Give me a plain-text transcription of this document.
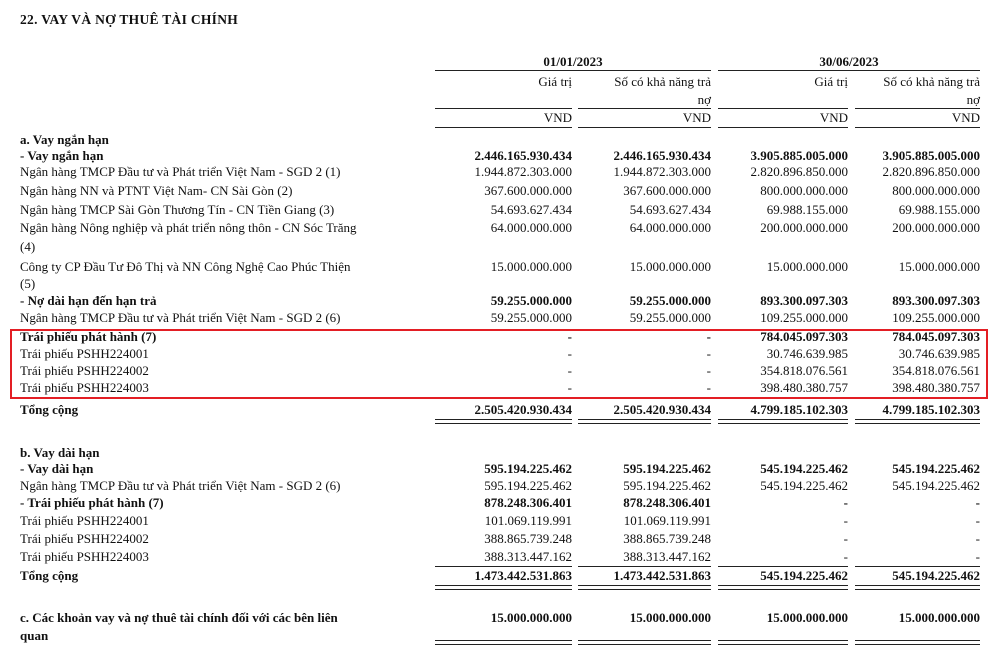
22. VAY VÀ NỢ THUÊ TÀI CHÍNH
01/01/2023	30/06/2023
Giá trị	Số có khả năng trả
nợ
Giá trị	Số có khả năng trả
nợ
VND	VND	VND	VND
a. Vay ngắn hạn
- Vay ngắn hạn	2.446.165.930.434	2.446.165.930.434	3.905.885.005.000	3.905.885.005.000
Ngân hàng TMCP Đầu tư và Phát triển Việt Nam - SGD 2 (1)	1.944.872.303.000	1.944.872.303.000	2.820.896.850.000	2.820.896.850.000
Ngân hàng NN và PTNT Việt Nam- CN Sài Gòn (2)	367.600.000.000	367.600.000.000	800.000.000.000	800.000.000.000
Ngân hàng TMCP Sài Gòn Thương Tín - CN Tiền Giang (3)	54.693.627.434	54.693.627.434	69.988.155.000	69.988.155.000
Ngân hàng Nông nghiệp và phát triển nông thôn - CN Sóc Trăng	64.000.000.000	64.000.000.000	200.000.000.000	200.000.000.000
(4)
Công ty CP Đầu Tư Đô Thị và NN Công Nghệ Cao Phúc Thiện	15.000.000.000	15.000.000.000	15.000.000.000	15.000.000.000
(5)
- Nợ dài hạn đến hạn trả	59.255.000.000	59.255.000.000	893.300.097.303	893.300.097.303
Ngân hàng TMCP Đầu tư và Phát triển Việt Nam - SGD 2 (6)	59.255.000.000	59.255.000.000	109.255.000.000	109.255.000.000
Trái phiếu phát hành (7)	-	-	784.045.097.303	784.045.097.303
Trái phiếu PSHH224001	-	-	30.746.639.985	30.746.639.985
Trái phiếu PSHH224002	-	-	354.818.076.561	354.818.076.561
Trái phiếu PSHH224003	-	-	398.480.380.757	398.480.380.757
Tổng cộng	2.505.420.930.434	2.505.420.930.434	4.799.185.102.303	4.799.185.102.303
b. Vay dài hạn
- Vay dài hạn	595.194.225.462	595.194.225.462	545.194.225.462	545.194.225.462
Ngân hàng TMCP Đầu tư và Phát triển Việt Nam - SGD 2 (6)	595.194.225.462	595.194.225.462	545.194.225.462	545.194.225.462
- Trái phiếu phát hành (7)	878.248.306.401	878.248.306.401	-	-
Trái phiếu PSHH224001	101.069.119.991	101.069.119.991	-	-
Trái phiếu PSHH224002	388.865.739.248	388.865.739.248	-	-
Trái phiếu PSHH224003	388.313.447.162	388.313.447.162	-	-
Tổng cộng	1.473.442.531.863	1.473.442.531.863	545.194.225.462	545.194.225.462
c. Các khoản vay và nợ thuê tài chính đối với các bên liên	15.000.000.000	15.000.000.000	15.000.000.000	15.000.000.000
quan
